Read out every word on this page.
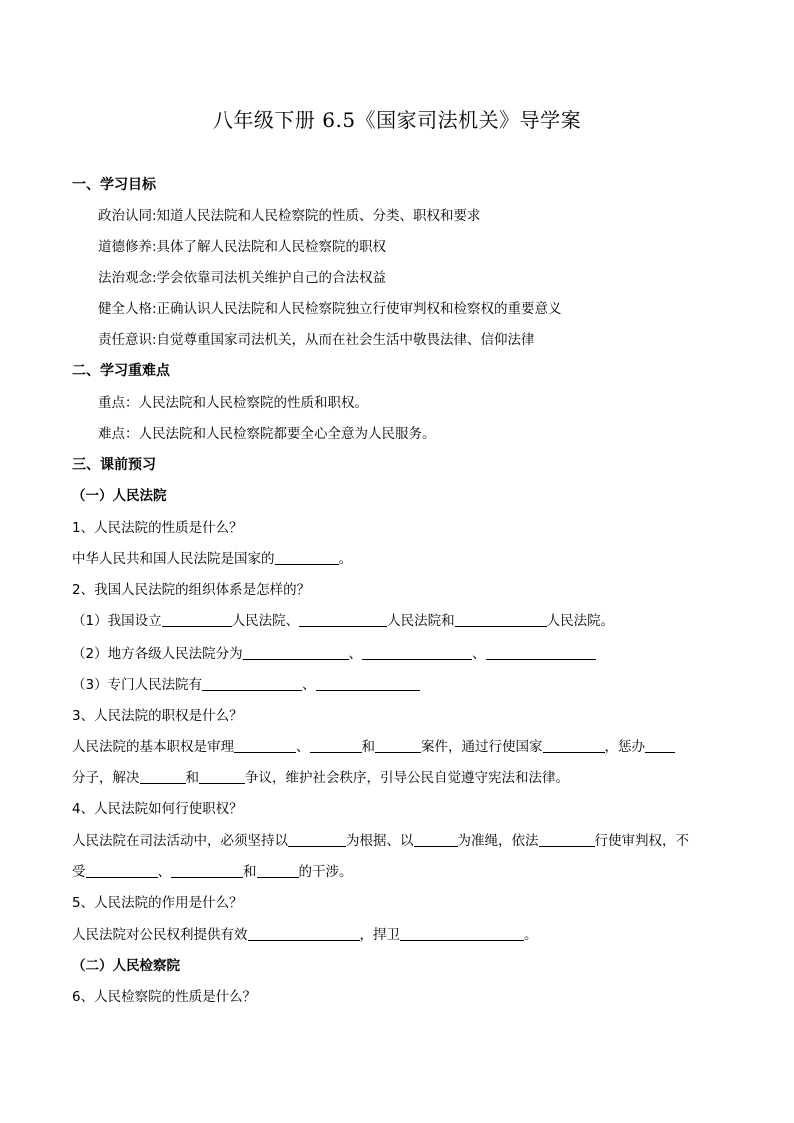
八年级下册 6.5《国家司法机关》导学案
一、学习目标
政治认同:知道人民法院和人民检察院的性质、分类、职权和要求
道德修养:具体了解人民法院和人民检察院的职权
法治观念:学会依靠司法机关维护自己的合法权益
健全人格:正确认识人民法院和人民检察院独立行使审判权和检察权的重要意义
责任意识:自觉尊重国家司法机关，从而在社会生活中敬畏法律、信仰法律
二、学习重难点
重点：人民法院和人民检察院的性质和职权。
难点：人民法院和人民检察院都要全心全意为人民服务。
三、课前预习
（一）人民法院
1、人民法院的性质是什么？
中华人民共和国人民法院是国家的	。
2、我国人民法院的组织体系是怎样的？
（1）我国设立	人民法院、	人民法院和	人民法院。
（2）地方各级人民法院分为	、	、
（3）专门人民法院有	、
3、人民法院的职权是什么？
人民法院的基本职权是审理	、	和	案件，通过行使国家	，惩办
分子，解决	和	争议，维护社会秩序，引导公民自觉遵守宪法和法律。
4、人民法院如何行使职权？
人民法院在司法活动中，必须坚持以	为根据、以	为准绳，依法	行使审判权，不
受	、	和	的干涉。
5、人民法院的作用是什么？
人民法院对公民权利提供有效	，捍卫	。
（二）人民检察院
6、人民检察院的性质是什么？
